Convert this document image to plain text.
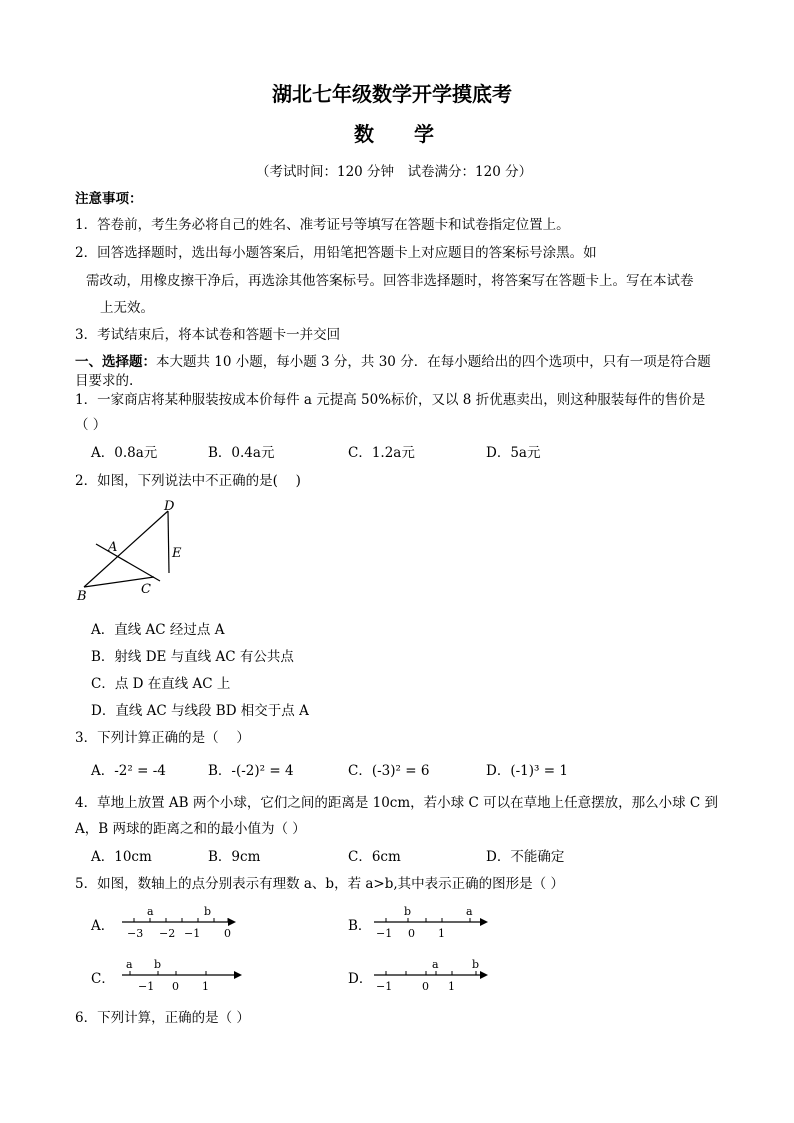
湖北七年级数学开学摸底考
数学
（考试时间：120 分钟　试卷满分：120 分）
注意事项：
1．答卷前，考生务必将自己的姓名、准考证号等填写在答题卡和试卷指定位置上。
2．回答选择题时，选出每小题答案后，用铅笔把答题卡上对应题目的答案标号涂黑。如
需改动，用橡皮擦干净后，再选涂其他答案标号。回答非选择题时，将答案写在答题卡上。写在本试卷
上无效。
3．考试结束后，将本试卷和答题卡一并交回
一、选择题：本大题共 10 小题，每小题 3 分，共 30 分．在每小题给出的四个选项中，只有一项是符合题
目要求的.
1．一家商店将某种服装按成本价每件 a 元提高 50%标价，又以 8 折优惠卖出，则这种服装每件的售价是
（ ）
A．0.8a元	B．0.4a元	C．1.2a元	D．5a元
2．如图，下列说法中不正确的是(　 )
D
A	E
B	C
A．直线 AC 经过点 A
B．射线 DE 与直线 AC 有公共点
C．点 D 在直线 AC 上
D．直线 AC 与线段 BD 相交于点 A
3．下列计算正确的是（　 ）
A．-2² = -4	B．-(-2)² = 4	C．(-3)² = 6	D．(-1)³ = 1
4．草地上放置 AB 两个小球，它们之间的距离是 10cm，若小球 C 可以在草地上任意摆放，那么小球 C 到
A，B 两球的距离之和的最小值为（ ）
A．10cm	B．9cm	C．6cm	D．不能确定
5．如图，数轴上的点分别表示有理数 a、b，若 a>b,其中表示正确的图形是（ ）
A．
a	b
−3 −2 −1 0	B．
b	a
−1 0 1
C．
a b
−1 0 1	D．
a	b
−1	0 1
6．下列计算，正确的是（ ）
